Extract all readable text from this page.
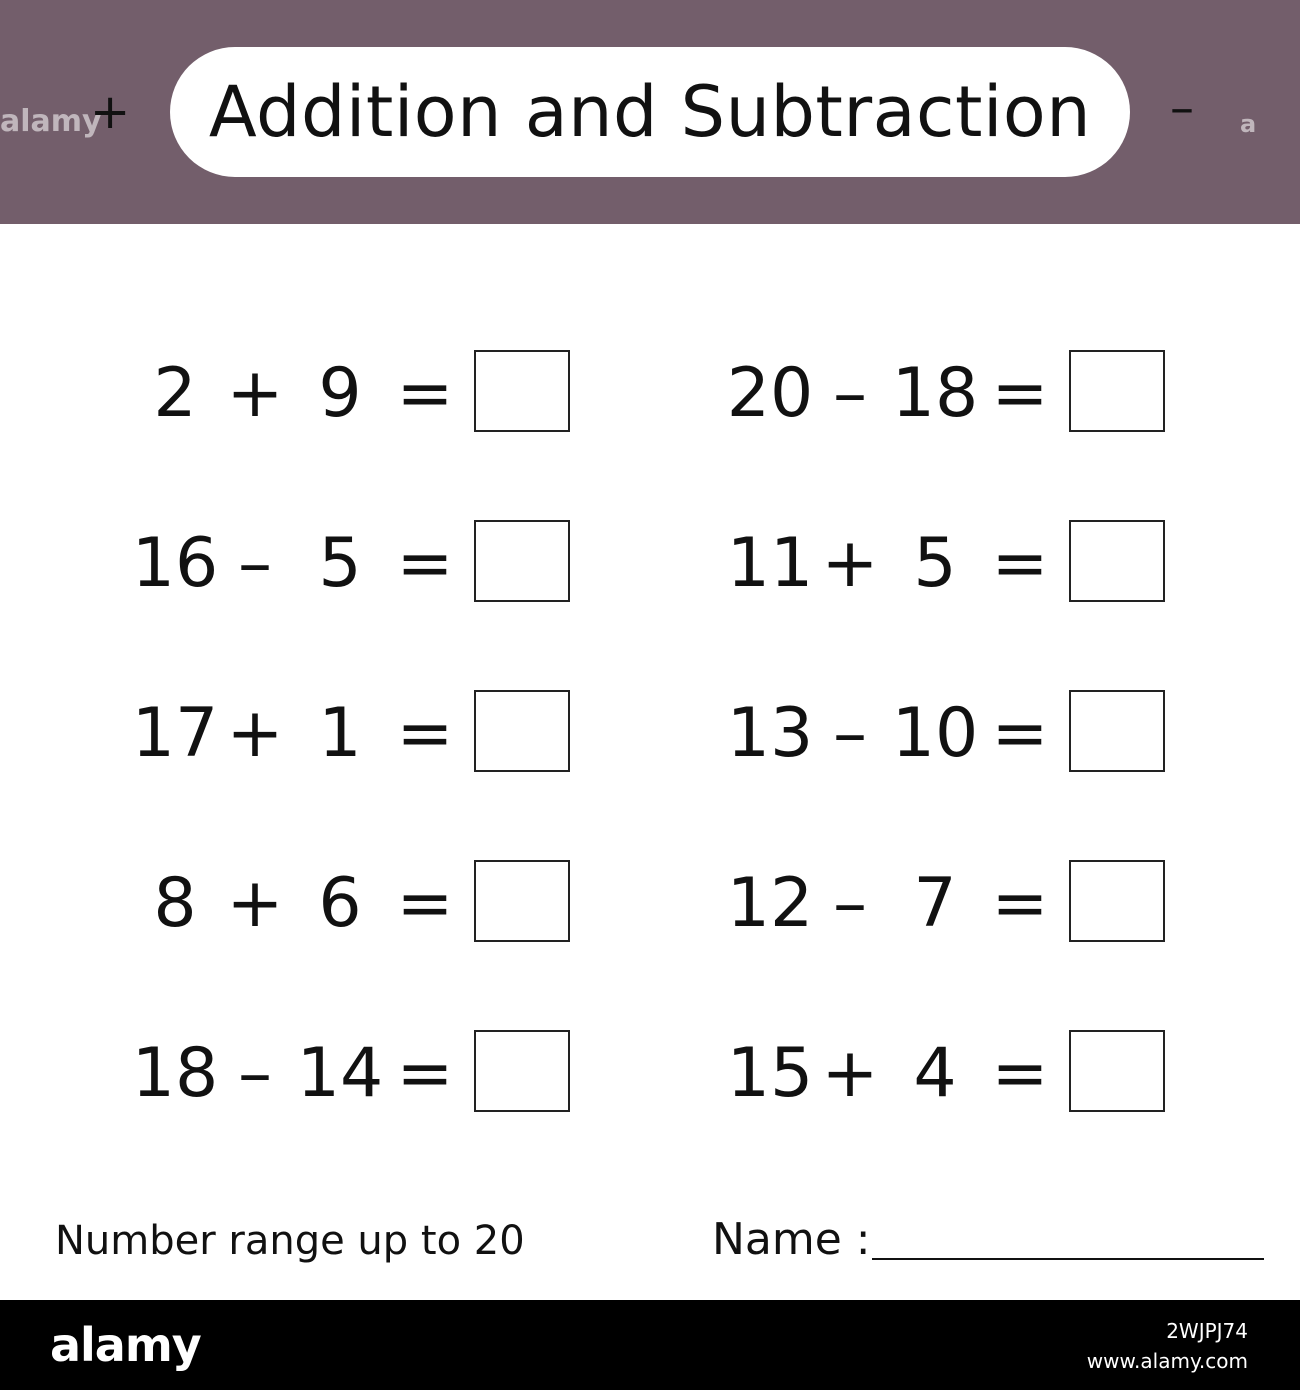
alamy
+ Addition and Subtraction – a
2 + 9 =
16 – 5 =
17 + 1 =
8 + 6 =
18 – 14 =
20 – 18 =
11 + 5 =
13 – 10 =
12 – 7 =
15 + 4 =
Number range up to 20	Name :
alamy	2WJPJ74
www.alamy.com
